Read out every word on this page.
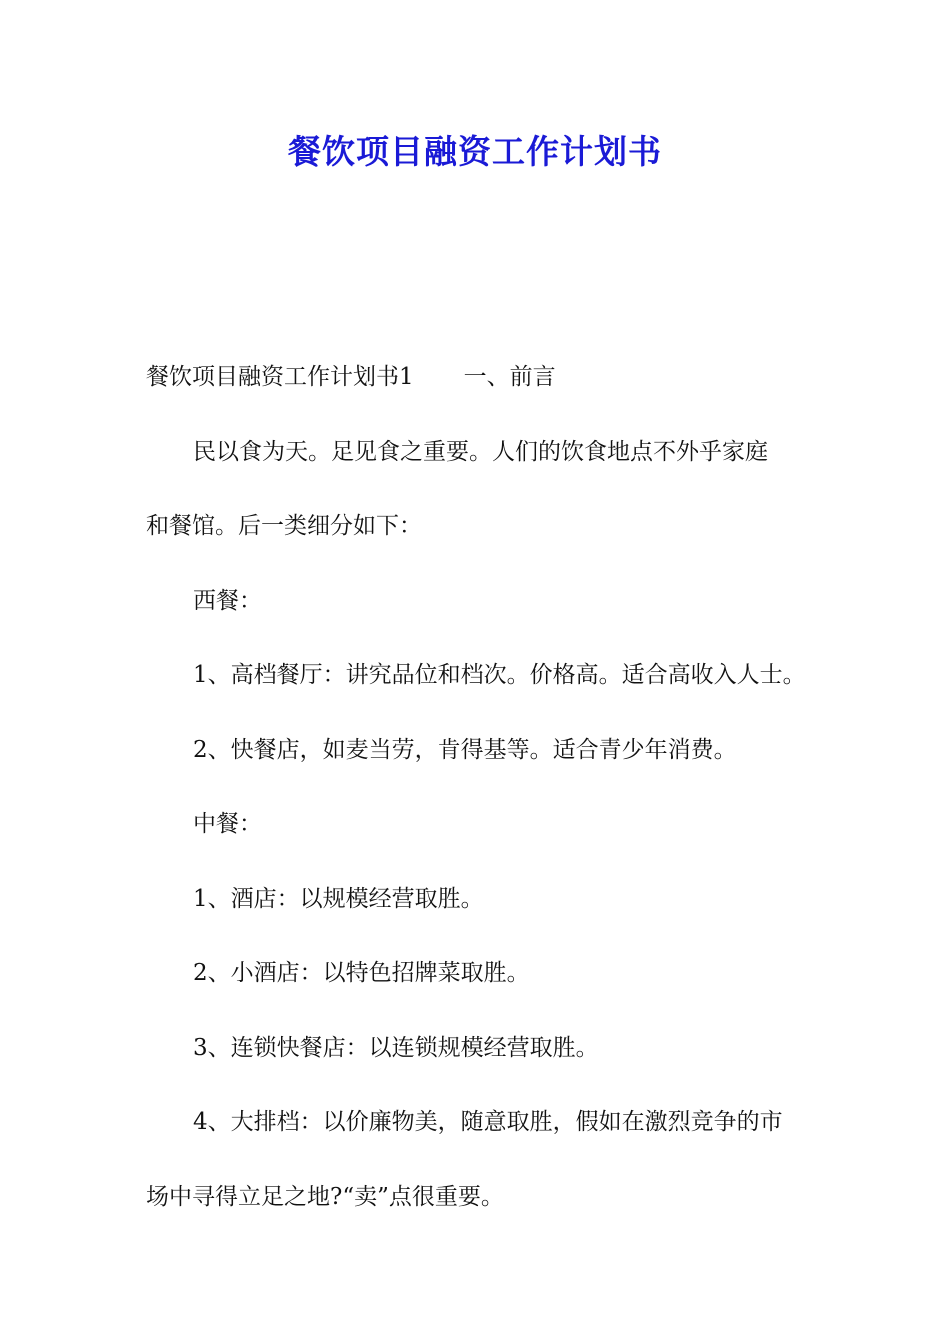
餐饮项目融资工作计划书
餐饮项目融资工作计划书1 一、前言
民以食为天。足见食之重要。人们的饮食地点不外乎家庭
和餐馆。后一类细分如下：
西餐：
1、高档餐厅：讲究品位和档次。价格高。适合高收入人士。
2、快餐店，如麦当劳，肯得基等。适合青少年消费。
中餐：
1、酒店：以规模经营取胜。
2、小酒店：以特色招牌菜取胜。
3、连锁快餐店：以连锁规模经营取胜。
4、大排档：以价廉物美，随意取胜，假如在激烈竞争的市
场中寻得立足之地?“卖”点很重要。
